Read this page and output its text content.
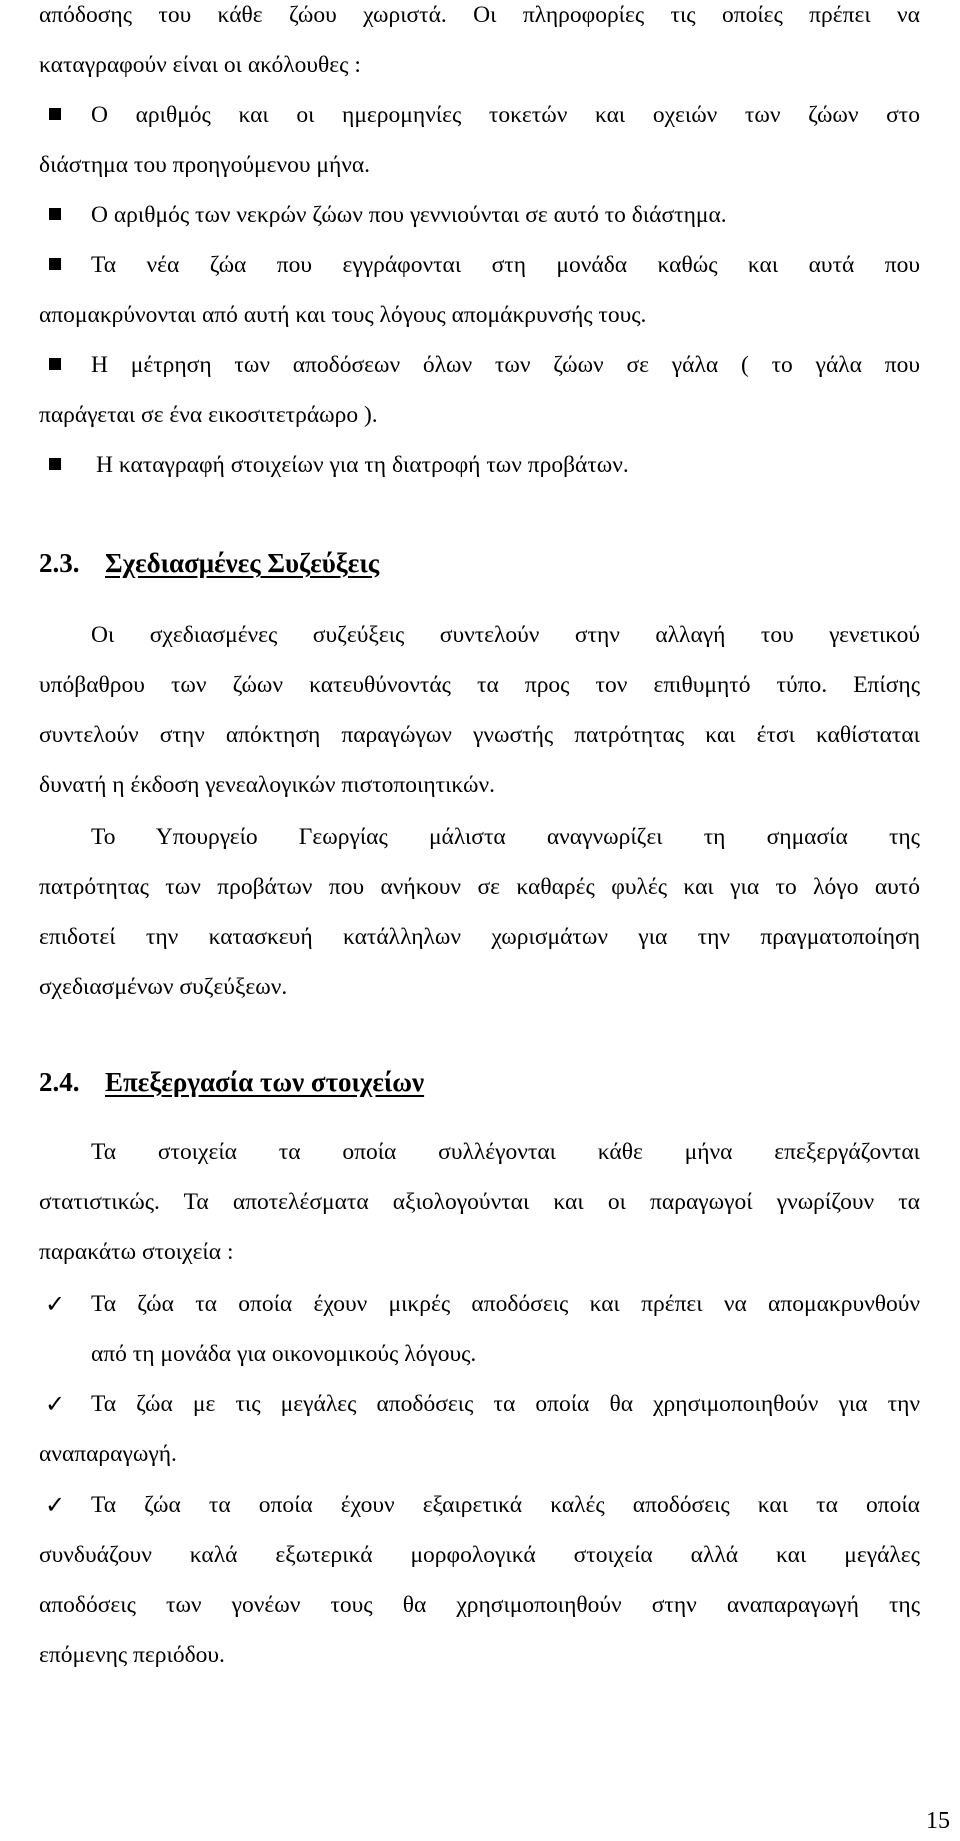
απόδοσης του κάθε ζώου χωριστά. Οι πληροφορίες τις οποίες πρέπει να
καταγραφούν είναι οι ακόλουθες :
Ο αριθμός και οι ημερομηνίες τοκετών και οχειών των ζώων στο
διάστημα του προηγούμενου μήνα.
Ο αριθμός των νεκρών ζώων που γεννιούνται σε αυτό το διάστημα.
Τα νέα ζώα που εγγράφονται στη μονάδα καθώς και αυτά που
απομακρύνονται από αυτή και τους λόγους απομάκρυνσής τους.
Η μέτρηση των αποδόσεων όλων των ζώων σε γάλα ( το γάλα που
παράγεται σε ένα εικοσιτετράωρο ).
Η καταγραφή στοιχείων για τη διατροφή των προβάτων.
2.3. Σχεδιασμένες Συζεύξεις
Οι σχεδιασμένες συζεύξεις συντελούν στην αλλαγή του γενετικού
υπόβαθρου των ζώων κατευθύνοντάς τα προς τον επιθυμητό τύπο. Επίσης
συντελούν στην απόκτηση παραγώγων γνωστής πατρότητας και έτσι καθίσταται
δυνατή η έκδοση γενεαλογικών πιστοποιητικών.
Το Υπουργείο Γεωργίας μάλιστα αναγνωρίζει τη σημασία της
πατρότητας των προβάτων που ανήκουν σε καθαρές φυλές και για το λόγο αυτό
επιδοτεί την κατασκευή κατάλληλων χωρισμάτων για την πραγματοποίηση
σχεδιασμένων συζεύξεων.
2.4. Επεξεργασία των στοιχείων
Τα στοιχεία τα οποία συλλέγονται κάθε μήνα επεξεργάζονται
στατιστικώς. Τα αποτελέσματα αξιολογούνται και οι παραγωγοί γνωρίζουν τα
παρακάτω στοιχεία :
✓ Τα ζώα τα οποία έχουν μικρές αποδόσεις και πρέπει να απομακρυνθούν
από τη μονάδα για οικονομικούς λόγους.
✓ Τα ζώα με τις μεγάλες αποδόσεις τα οποία θα χρησιμοποιηθούν για την
αναπαραγωγή.
✓ Τα ζώα τα οποία έχουν εξαιρετικά καλές αποδόσεις και τα οποία
συνδυάζουν καλά εξωτερικά μορφολογικά στοιχεία αλλά και μεγάλες
αποδόσεις των γονέων τους θα χρησιμοποιηθούν στην αναπαραγωγή της
επόμενης περιόδου.
15
